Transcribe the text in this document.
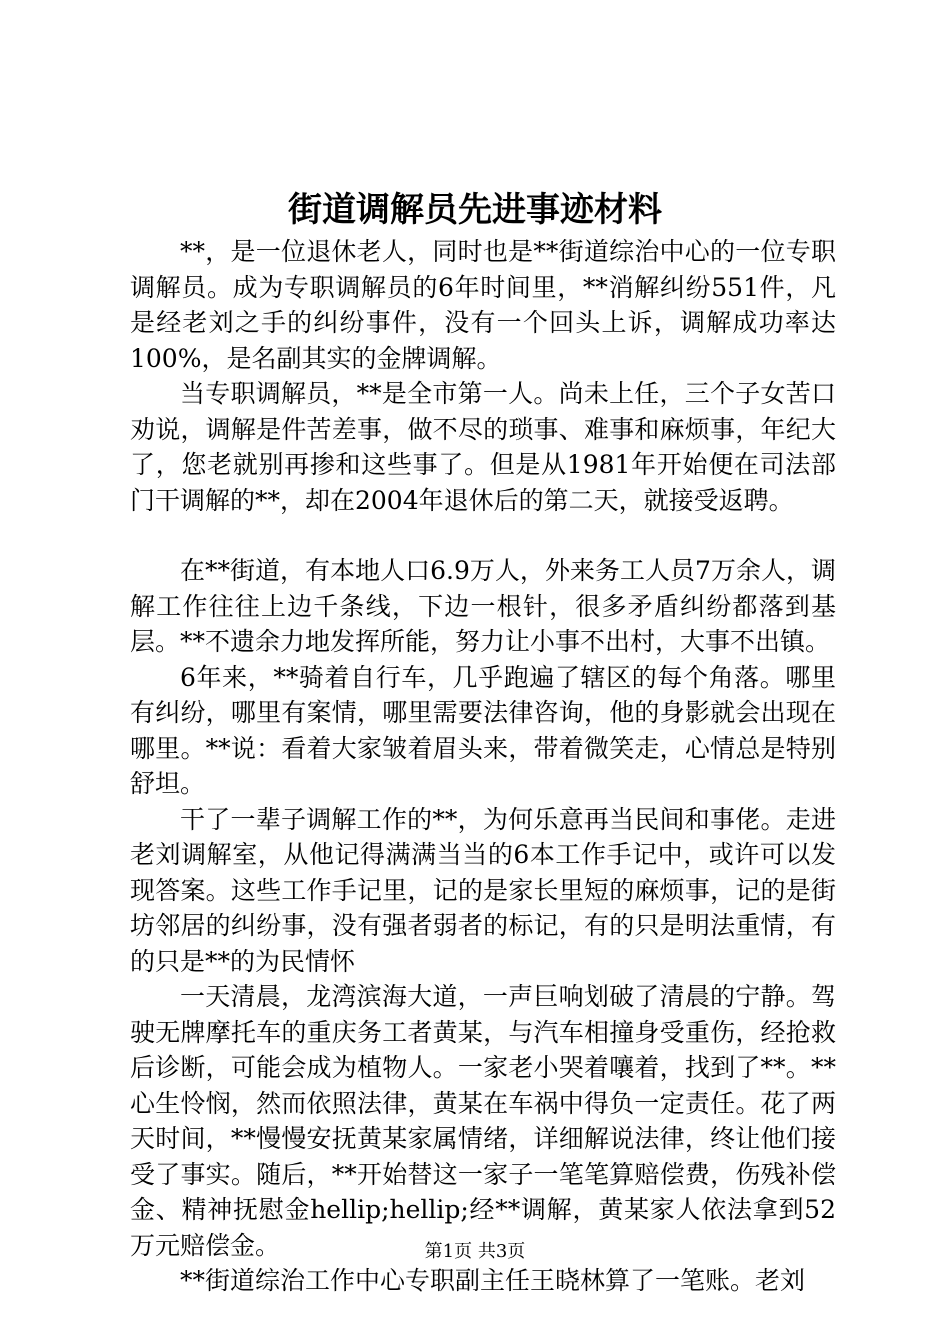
街道调解员先进事迹材料

**，是一位退休老人，同时也是**街道综治中心的一位专职调解员。成为专职调解员的6年时间里，**消解纠纷551件，凡是经老刘之手的纠纷事件，没有一个回头上诉，调解成功率达100%，是名副其实的金牌调解。

当专职调解员，**是全市第一人。尚未上任，三个子女苦口劝说，调解是件苦差事，做不尽的琐事、难事和麻烦事，年纪大了，您老就别再掺和这些事了。但是从1981年开始便在司法部门干调解的**，却在2004年退休后的第二天，就接受返聘。

在**街道，有本地人口6.9万人，外来务工人员7万余人，调解工作往往上边千条线，下边一根针，很多矛盾纠纷都落到基层。**不遗余力地发挥所能，努力让小事不出村，大事不出镇。

6年来，**骑着自行车，几乎跑遍了辖区的每个角落。哪里有纠纷，哪里有案情，哪里需要法律咨询，他的身影就会出现在哪里。**说：看着大家皱着眉头来，带着微笑走，心情总是特别舒坦。

干了一辈子调解工作的**，为何乐意再当民间和事佬。走进老刘调解室，从他记得满满当当的6本工作手记中，或许可以发现答案。这些工作手记里，记的是家长里短的麻烦事，记的是街坊邻居的纠纷事，没有强者弱者的标记，有的只是明法重情，有的只是**的为民情怀

一天清晨，龙湾滨海大道，一声巨响划破了清晨的宁静。驾驶无牌摩托车的重庆务工者黄某，与汽车相撞身受重伤，经抢救后诊断，可能会成为植物人。一家老小哭着嚷着，找到了**。**心生怜悯，然而依照法律，黄某在车祸中得负一定责任。花了两天时间，**慢慢安抚黄某家属情绪，详细解说法律，终让他们接受了事实。随后，**开始替这一家子一笔笔算赔偿费，伤残补偿金、精神抚慰金hellip;hellip;经**调解，黄某家人依法拿到52万元赔偿金。

**街道综治工作中心专职副主任王晓林算了一笔账。老刘

第1页 共3页
